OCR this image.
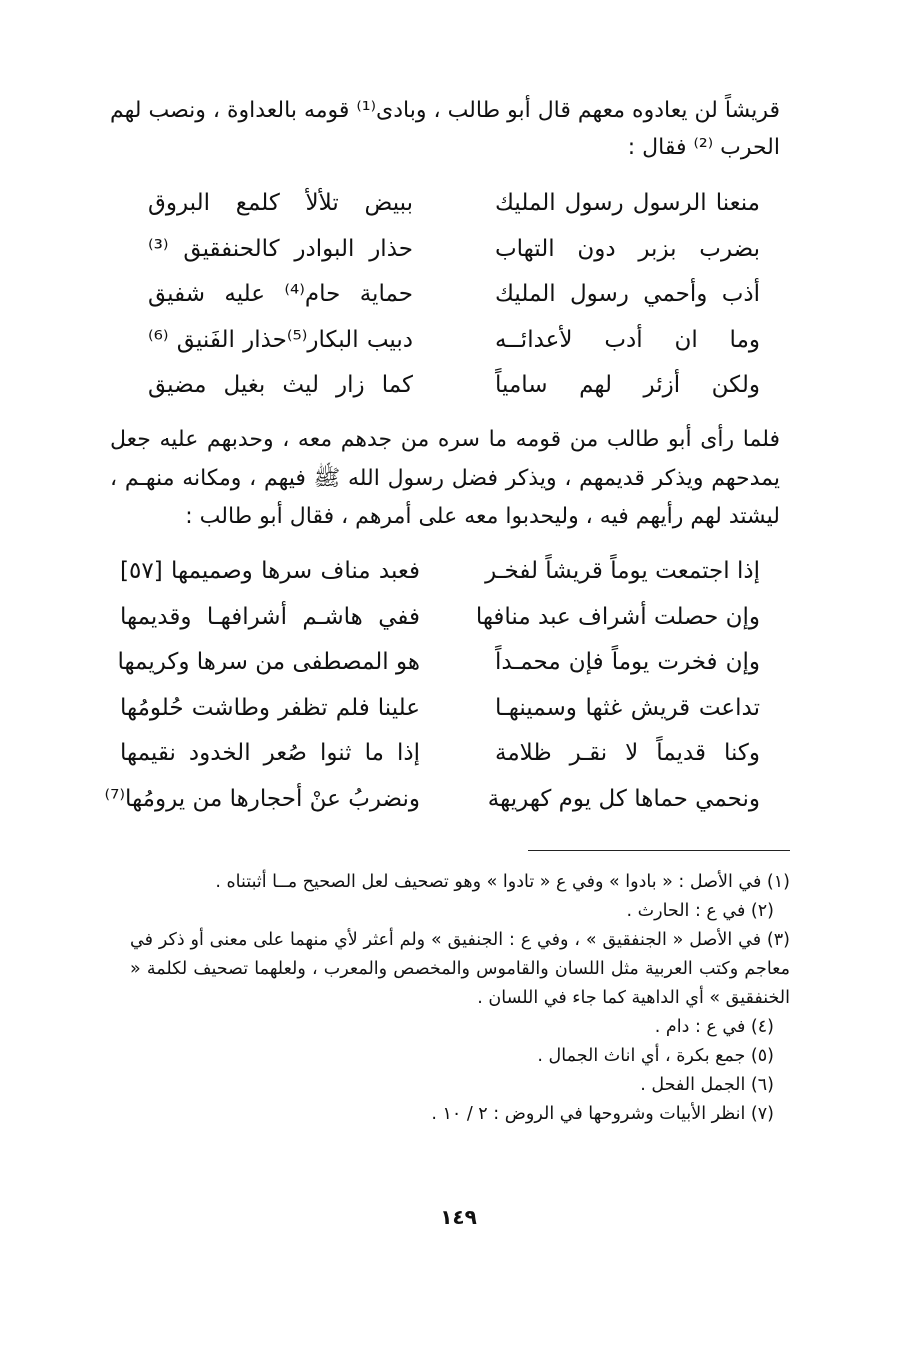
قريشاً لن يعادوه معهم قال أبو طالب ، وبادى⁽¹⁾ قومه بالعداوة ، ونصب لهم الحرب ⁽²⁾ فقال :
منعنا الرسول رسول المليك
ببيض تلألأ كلمع البروق
بضرب بزبر دون التهاب
حذار البوادر كالحنفقيق ⁽³⁾
أذب وأحمي رسول المليك
حماية حام⁽⁴⁾ عليه شفيق
وما ان أدب لأعدائــه
دبيب البكار⁽⁵⁾حذار الفَنيق ⁽⁶⁾
ولكن أزئر لهم سامياً
كما زار ليث بغيل مضيق
فلما رأى أبو طالب من قومه ما سره من جدهم معه ، وحدبهم عليه جعل يمدحهم ويذكر قديمهم ، ويذكر فضل رسول الله ﷺ فيهم ، ومكانه منهـم ، ليشتد لهم رأيهم فيه ، وليحدبوا معه على أمرهم ، فقال أبو طالب :
إذا اجتمعت يوماً قريشاً لفخـر
فعبد مناف سرها وصميمها [٥٧]
وإن حصلت أشراف عبد منافها
ففي هاشـم أشرافهـا وقديمها
وإن فخرت يوماً فإن محمـداً
هو المصطفى من سرها وكريمها
تداعت قريش غثها وسمينهـا
علينا فلم تظفر وطاشت حُلومُها
وكنا قديماً لا نقـر ظلامة
إذا ما ثنوا صُعر الخدود نقيمها
ونحمي حماها كل يوم كهريهة
ونضربُ عنْ أحجارها من يرومُها⁽⁷⁾
(١) في الأصل : « بادوا » وفي ع « تادوا » وهو تصحيف لعل الصحيح مــا أثبتناه .
(٢) في ع : الحارث .
(٣) في الأصل « الجنفقيق » ، وفي ع : الجنفيق » ولم أعثر لأي منهما على معنى أو ذكر في معاجم وكتب العربية مثل اللسان والقاموس والمخصص والمعرب ، ولعلهما تصحيف لكلمة « الخنفقيق » أي الداهية كما جاء في اللسان .
(٤) في ع : دام .
(٥) جمع بكرة ، أي اناث الجمال .
(٦) الجمل الفحل .
(٧) انظر الأبيات وشروحها في الروض : ٢ / ١٠ .
١٤٩
